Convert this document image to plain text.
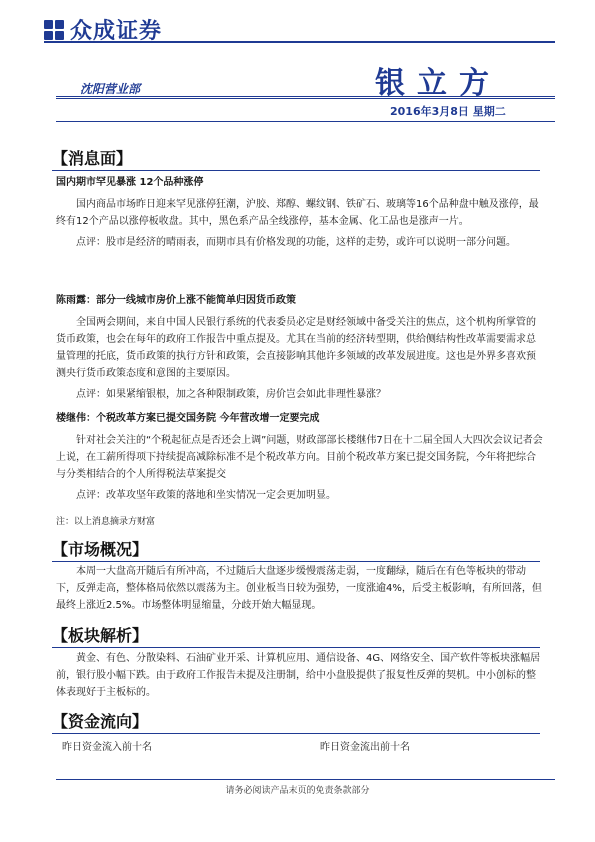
众成证券
沈阳营业部	银立方
2016年3月8日 星期二
【消息面】
国内期市罕见暴涨 12个品种涨停

国内商品市场昨日迎来罕见涨停狂潮，沪胶、郑醇、螺纹钢、铁矿石、玻璃等16个品种盘中触及涨停，最终有12个产品以涨停板收盘。其中，黑色系产品全线涨停，基本金属、化工品也是涨声一片。

点评：股市是经济的晴雨表，而期市具有价格发现的功能，这样的走势，或许可以说明一部分问题。

陈雨露：部分一线城市房价上涨不能简单归因货币政策

全国两会期间，来自中国人民银行系统的代表委员必定是财经领域中备受关注的焦点，这个机构所掌管的货币政策，也会在每年的政府工作报告中重点提及。尤其在当前的经济转型期，供给侧结构性改革需要需求总量管理的托底，货币政策的执行方针和政策，会直接影响其他许多领域的改革发展进度。这也是外界多喜欢预测央行货币政策态度和意图的主要原因。

点评：如果紧缩银根，加之各种限制政策，房价岂会如此非理性暴涨？

楼继伟：个税改革方案已提交国务院 今年营改增一定要完成

针对社会关注的“个税起征点是否还会上调”问题，财政部部长楼继伟7日在十二届全国人大四次会议记者会上说，在工薪所得项下持续提高减除标准不是个税改革方向。目前个税改革方案已提交国务院，今年将把综合与分类相结合的个人所得税法草案提交

点评：改革攻坚年政策的落地和坐实情况一定会更加明显。

注：以上消息摘录方财富
【市场概况】

本周一大盘高开随后有所冲高，不过随后大盘逐步缓慢震荡走弱，一度翻绿，随后在有色等板块的带动下，反弹走高，整体格局依然以震荡为主。创业板当日较为强势，一度涨逾4%，后受主板影响，有所回落，但最终上涨近2.5%。市场整体明显缩量，分歧开始大幅显现。

【板块解析】

黄金、有色、分散染料、石油矿业开采、计算机应用、通信设备、4G、网络安全、国产软件等板块涨幅居前，银行股小幅下跌。由于政府工作报告未提及注册制，给中小盘股提供了报复性反弹的契机。中小创标的整体表现好于主板标的。

【资金流向】
昨日资金流入前十名	昨日资金流出前十名
请务必阅读产品末页的免责条款部分
